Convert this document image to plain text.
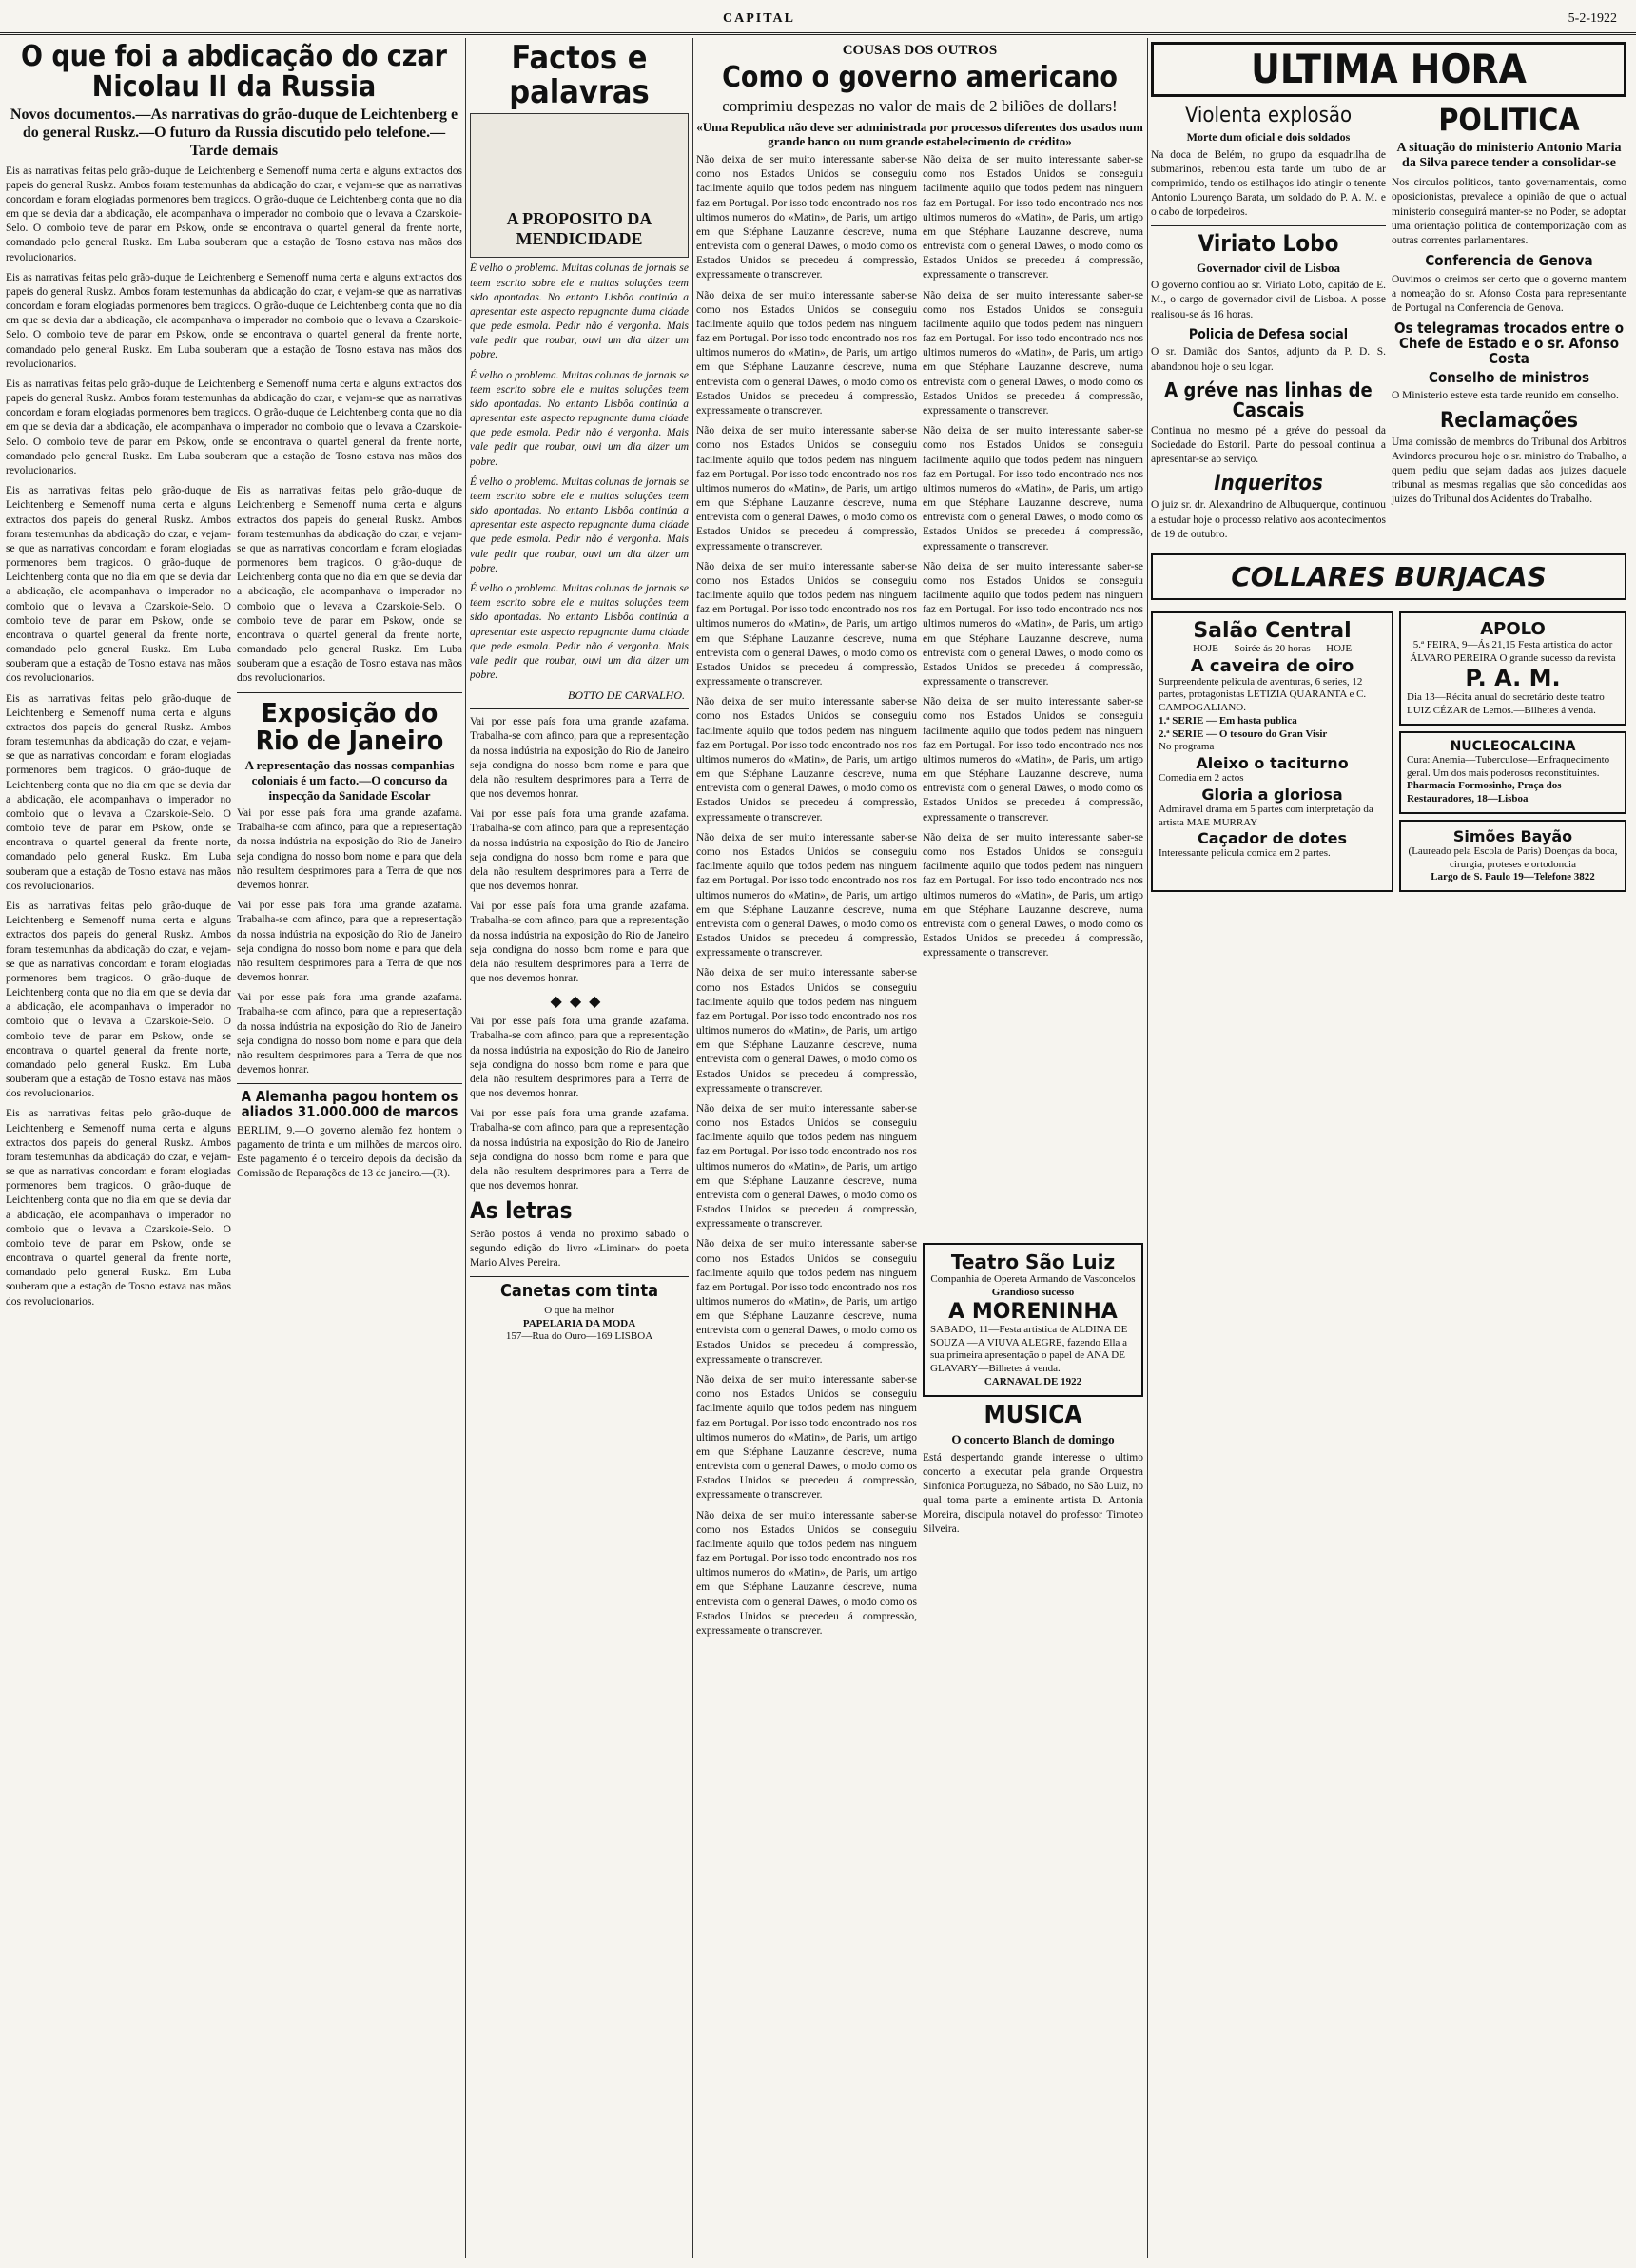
CAPITAL	5-2-1922
O que foi a abdicação do czar Nicolau II da Russia
Novos documentos.—As narrativas do grão-duque de Leichtenberg e do general Ruskz.—O futuro da Russia discutido pelo telefone.—Tarde demais

Eis as narrativas feitas pelo grão-duque de Leichtenberg e Semenoff numa certa e alguns extractos dos papeis do general Ruskz. Ambos foram testemunhas da abdicação do czar, e vejam-se que as narrativas concordam e foram elogiadas pormenores bem tragicos. O grão-duque de Leichtenberg conta que no dia em que se devia dar a abdicação, ele acompanhava o imperador no comboio que o levava a Czarskoie-Selo. O comboio teve de parar em Pskow, onde se encontrava o quartel general da frente norte, comandado pelo general Ruskz. Em Luba souberam que a estação de Tosno estava nas mãos dos revolucionarios.

Eis as narrativas feitas pelo grão-duque de Leichtenberg e Semenoff numa certa e alguns extractos dos papeis do general Ruskz. Ambos foram testemunhas da abdicação do czar, e vejam-se que as narrativas concordam e foram elogiadas pormenores bem tragicos. O grão-duque de Leichtenberg conta que no dia em que se devia dar a abdicação, ele acompanhava o imperador no comboio que o levava a Czarskoie-Selo. O comboio teve de parar em Pskow, onde se encontrava o quartel general da frente norte, comandado pelo general Ruskz. Em Luba souberam que a estação de Tosno estava nas mãos dos revolucionarios.

Eis as narrativas feitas pelo grão-duque de Leichtenberg e Semenoff numa certa e alguns extractos dos papeis do general Ruskz. Ambos foram testemunhas da abdicação do czar, e vejam-se que as narrativas concordam e foram elogiadas pormenores bem tragicos. O grão-duque de Leichtenberg conta que no dia em que se devia dar a abdicação, ele acompanhava o imperador no comboio que o levava a Czarskoie-Selo. O comboio teve de parar em Pskow, onde se encontrava o quartel general da frente norte, comandado pelo general Ruskz. Em Luba souberam que a estação de Tosno estava nas mãos dos revolucionarios.

Eis as narrativas feitas pelo grão-duque de Leichtenberg e Semenoff numa certa e alguns extractos dos papeis do general Ruskz. Ambos foram testemunhas da abdicação do czar, e vejam-se que as narrativas concordam e foram elogiadas pormenores bem tragicos. O grão-duque de Leichtenberg conta que no dia em que se devia dar a abdicação, ele acompanhava o imperador no comboio que o levava a Czarskoie-Selo. O comboio teve de parar em Pskow, onde se encontrava o quartel general da frente norte, comandado pelo general Ruskz. Em Luba souberam que a estação de Tosno estava nas mãos dos revolucionarios.

Eis as narrativas feitas pelo grão-duque de Leichtenberg e Semenoff numa certa e alguns extractos dos papeis do general Ruskz. Ambos foram testemunhas da abdicação do czar, e vejam-se que as narrativas concordam e foram elogiadas pormenores bem tragicos. O grão-duque de Leichtenberg conta que no dia em que se devia dar a abdicação, ele acompanhava o imperador no comboio que o levava a Czarskoie-Selo. O comboio teve de parar em Pskow, onde se encontrava o quartel general da frente norte, comandado pelo general Ruskz. Em Luba souberam que a estação de Tosno estava nas mãos dos revolucionarios.

Eis as narrativas feitas pelo grão-duque de Leichtenberg e Semenoff numa certa e alguns extractos dos papeis do general Ruskz. Ambos foram testemunhas da abdicação do czar, e vejam-se que as narrativas concordam e foram elogiadas pormenores bem tragicos. O grão-duque de Leichtenberg conta que no dia em que se devia dar a abdicação, ele acompanhava o imperador no comboio que o levava a Czarskoie-Selo. O comboio teve de parar em Pskow, onde se encontrava o quartel general da frente norte, comandado pelo general Ruskz. Em Luba souberam que a estação de Tosno estava nas mãos dos revolucionarios.

Eis as narrativas feitas pelo grão-duque de Leichtenberg e Semenoff numa certa e alguns extractos dos papeis do general Ruskz. Ambos foram testemunhas da abdicação do czar, e vejam-se que as narrativas concordam e foram elogiadas pormenores bem tragicos. O grão-duque de Leichtenberg conta que no dia em que se devia dar a abdicação, ele acompanhava o imperador no comboio que o levava a Czarskoie-Selo. O comboio teve de parar em Pskow, onde se encontrava o quartel general da frente norte, comandado pelo general Ruskz. Em Luba souberam que a estação de Tosno estava nas mãos dos revolucionarios.

Eis as narrativas feitas pelo grão-duque de Leichtenberg e Semenoff numa certa e alguns extractos dos papeis do general Ruskz. Ambos foram testemunhas da abdicação do czar, e vejam-se que as narrativas concordam e foram elogiadas pormenores bem tragicos. O grão-duque de Leichtenberg conta que no dia em que se devia dar a abdicação, ele acompanhava o imperador no comboio que o levava a Czarskoie-Selo. O comboio teve de parar em Pskow, onde se encontrava o quartel general da frente norte, comandado pelo general Ruskz. Em Luba souberam que a estação de Tosno estava nas mãos dos revolucionarios.

Exposição do Rio de Janeiro
A representação das nossas companhias coloniais é um facto.—O concurso da inspecção da Sanidade Escolar

Vai por esse país fora uma grande azafama. Trabalha-se com afinco, para que a representação da nossa indústria na exposição do Rio de Janeiro seja condigna do nosso bom nome e para que dela não resultem desprimores para a Terra de que nos devemos honrar.

Vai por esse país fora uma grande azafama. Trabalha-se com afinco, para que a representação da nossa indústria na exposição do Rio de Janeiro seja condigna do nosso bom nome e para que dela não resultem desprimores para a Terra de que nos devemos honrar.

Vai por esse país fora uma grande azafama. Trabalha-se com afinco, para que a representação da nossa indústria na exposição do Rio de Janeiro seja condigna do nosso bom nome e para que dela não resultem desprimores para a Terra de que nos devemos honrar.

A Alemanha pagou hontem os aliados 31.000.000 de marcos

BERLIM, 9.—O governo alemão fez hontem o pagamento de trinta e um milhões de marcos oiro. Este pagamento é o terceiro depois da decisão da Comissão de Reparações de 13 de janeiro.—(R).

Factos e palavras
A PROPOSITO DA MENDICIDADE

É velho o problema. Muitas colunas de jornais se teem escrito sobre ele e muitas soluções teem sido apontadas. No entanto Lisbôa continúa a apresentar este aspecto repugnante duma cidade que pede esmola. Pedir não é vergonha. Mais vale pedir que roubar, ouvi um dia dizer um pobre.

É velho o problema. Muitas colunas de jornais se teem escrito sobre ele e muitas soluções teem sido apontadas. No entanto Lisbôa continúa a apresentar este aspecto repugnante duma cidade que pede esmola. Pedir não é vergonha. Mais vale pedir que roubar, ouvi um dia dizer um pobre.

É velho o problema. Muitas colunas de jornais se teem escrito sobre ele e muitas soluções teem sido apontadas. No entanto Lisbôa continúa a apresentar este aspecto repugnante duma cidade que pede esmola. Pedir não é vergonha. Mais vale pedir que roubar, ouvi um dia dizer um pobre.

É velho o problema. Muitas colunas de jornais se teem escrito sobre ele e muitas soluções teem sido apontadas. No entanto Lisbôa continúa a apresentar este aspecto repugnante duma cidade que pede esmola. Pedir não é vergonha. Mais vale pedir que roubar, ouvi um dia dizer um pobre.

BOTTO DE CARVALHO.

Vai por esse país fora uma grande azafama. Trabalha-se com afinco, para que a representação da nossa indústria na exposição do Rio de Janeiro seja condigna do nosso bom nome e para que dela não resultem desprimores para a Terra de que nos devemos honrar.

Vai por esse país fora uma grande azafama. Trabalha-se com afinco, para que a representação da nossa indústria na exposição do Rio de Janeiro seja condigna do nosso bom nome e para que dela não resultem desprimores para a Terra de que nos devemos honrar.

Vai por esse país fora uma grande azafama. Trabalha-se com afinco, para que a representação da nossa indústria na exposição do Rio de Janeiro seja condigna do nosso bom nome e para que dela não resultem desprimores para a Terra de que nos devemos honrar.

◆◆◆

Vai por esse país fora uma grande azafama. Trabalha-se com afinco, para que a representação da nossa indústria na exposição do Rio de Janeiro seja condigna do nosso bom nome e para que dela não resultem desprimores para a Terra de que nos devemos honrar.

Vai por esse país fora uma grande azafama. Trabalha-se com afinco, para que a representação da nossa indústria na exposição do Rio de Janeiro seja condigna do nosso bom nome e para que dela não resultem desprimores para a Terra de que nos devemos honrar.

As letras

Serão postos á venda no proximo sabado o segundo edição do livro «Liminar» do poeta Mario Alves Pereira.

Canetas com tinta
O que ha melhor
PAPELARIA DA MODA
157—Rua do Ouro—169 LISBOA
COUSAS DOS OUTROS
Como o governo americano
comprimiu despezas no valor de mais de 2 biliões de dollars!
«Uma Republica não deve ser administrada por processos diferentes dos usados num grande banco ou num grande estabelecimento de crédito»

Não deixa de ser muito interessante saber-se como nos Estados Unidos se conseguiu facilmente aquilo que todos pedem nas ninguem faz em Portugal. Por isso todo encontrado nos nos ultimos numeros do «Matin», de Paris, um artigo em que Stéphane Lauzanne descreve, numa entrevista com o general Dawes, o modo como os Estados Unidos se precedeu á compressão, expressamente o transcrever.

Não deixa de ser muito interessante saber-se como nos Estados Unidos se conseguiu facilmente aquilo que todos pedem nas ninguem faz em Portugal. Por isso todo encontrado nos nos ultimos numeros do «Matin», de Paris, um artigo em que Stéphane Lauzanne descreve, numa entrevista com o general Dawes, o modo como os Estados Unidos se precedeu á compressão, expressamente o transcrever.

Não deixa de ser muito interessante saber-se como nos Estados Unidos se conseguiu facilmente aquilo que todos pedem nas ninguem faz em Portugal. Por isso todo encontrado nos nos ultimos numeros do «Matin», de Paris, um artigo em que Stéphane Lauzanne descreve, numa entrevista com o general Dawes, o modo como os Estados Unidos se precedeu á compressão, expressamente o transcrever.

Não deixa de ser muito interessante saber-se como nos Estados Unidos se conseguiu facilmente aquilo que todos pedem nas ninguem faz em Portugal. Por isso todo encontrado nos nos ultimos numeros do «Matin», de Paris, um artigo em que Stéphane Lauzanne descreve, numa entrevista com o general Dawes, o modo como os Estados Unidos se precedeu á compressão, expressamente o transcrever.

Não deixa de ser muito interessante saber-se como nos Estados Unidos se conseguiu facilmente aquilo que todos pedem nas ninguem faz em Portugal. Por isso todo encontrado nos nos ultimos numeros do «Matin», de Paris, um artigo em que Stéphane Lauzanne descreve, numa entrevista com o general Dawes, o modo como os Estados Unidos se precedeu á compressão, expressamente o transcrever.

Não deixa de ser muito interessante saber-se como nos Estados Unidos se conseguiu facilmente aquilo que todos pedem nas ninguem faz em Portugal. Por isso todo encontrado nos nos ultimos numeros do «Matin», de Paris, um artigo em que Stéphane Lauzanne descreve, numa entrevista com o general Dawes, o modo como os Estados Unidos se precedeu á compressão, expressamente o transcrever.

Não deixa de ser muito interessante saber-se como nos Estados Unidos se conseguiu facilmente aquilo que todos pedem nas ninguem faz em Portugal. Por isso todo encontrado nos nos ultimos numeros do «Matin», de Paris, um artigo em que Stéphane Lauzanne descreve, numa entrevista com o general Dawes, o modo como os Estados Unidos se precedeu á compressão, expressamente o transcrever.

Não deixa de ser muito interessante saber-se como nos Estados Unidos se conseguiu facilmente aquilo que todos pedem nas ninguem faz em Portugal. Por isso todo encontrado nos nos ultimos numeros do «Matin», de Paris, um artigo em que Stéphane Lauzanne descreve, numa entrevista com o general Dawes, o modo como os Estados Unidos se precedeu á compressão, expressamente o transcrever.

Não deixa de ser muito interessante saber-se como nos Estados Unidos se conseguiu facilmente aquilo que todos pedem nas ninguem faz em Portugal. Por isso todo encontrado nos nos ultimos numeros do «Matin», de Paris, um artigo em que Stéphane Lauzanne descreve, numa entrevista com o general Dawes, o modo como os Estados Unidos se precedeu á compressão, expressamente o transcrever.

Não deixa de ser muito interessante saber-se como nos Estados Unidos se conseguiu facilmente aquilo que todos pedem nas ninguem faz em Portugal. Por isso todo encontrado nos nos ultimos numeros do «Matin», de Paris, um artigo em que Stéphane Lauzanne descreve, numa entrevista com o general Dawes, o modo como os Estados Unidos se precedeu á compressão, expressamente o transcrever.

Não deixa de ser muito interessante saber-se como nos Estados Unidos se conseguiu facilmente aquilo que todos pedem nas ninguem faz em Portugal. Por isso todo encontrado nos nos ultimos numeros do «Matin», de Paris, um artigo em que Stéphane Lauzanne descreve, numa entrevista com o general Dawes, o modo como os Estados Unidos se precedeu á compressão, expressamente o transcrever.

Não deixa de ser muito interessante saber-se como nos Estados Unidos se conseguiu facilmente aquilo que todos pedem nas ninguem faz em Portugal. Por isso todo encontrado nos nos ultimos numeros do «Matin», de Paris, um artigo em que Stéphane Lauzanne descreve, numa entrevista com o general Dawes, o modo como os Estados Unidos se precedeu á compressão, expressamente o transcrever.

Não deixa de ser muito interessante saber-se como nos Estados Unidos se conseguiu facilmente aquilo que todos pedem nas ninguem faz em Portugal. Por isso todo encontrado nos nos ultimos numeros do «Matin», de Paris, um artigo em que Stéphane Lauzanne descreve, numa entrevista com o general Dawes, o modo como os Estados Unidos se precedeu á compressão, expressamente o transcrever.

Não deixa de ser muito interessante saber-se como nos Estados Unidos se conseguiu facilmente aquilo que todos pedem nas ninguem faz em Portugal. Por isso todo encontrado nos nos ultimos numeros do «Matin», de Paris, um artigo em que Stéphane Lauzanne descreve, numa entrevista com o general Dawes, o modo como os Estados Unidos se precedeu á compressão, expressamente o transcrever.

Não deixa de ser muito interessante saber-se como nos Estados Unidos se conseguiu facilmente aquilo que todos pedem nas ninguem faz em Portugal. Por isso todo encontrado nos nos ultimos numeros do «Matin», de Paris, um artigo em que Stéphane Lauzanne descreve, numa entrevista com o general Dawes, o modo como os Estados Unidos se precedeu á compressão, expressamente o transcrever.

Não deixa de ser muito interessante saber-se como nos Estados Unidos se conseguiu facilmente aquilo que todos pedem nas ninguem faz em Portugal. Por isso todo encontrado nos nos ultimos numeros do «Matin», de Paris, um artigo em que Stéphane Lauzanne descreve, numa entrevista com o general Dawes, o modo como os Estados Unidos se precedeu á compressão, expressamente o transcrever.

Não deixa de ser muito interessante saber-se como nos Estados Unidos se conseguiu facilmente aquilo que todos pedem nas ninguem faz em Portugal. Por isso todo encontrado nos nos ultimos numeros do «Matin», de Paris, um artigo em que Stéphane Lauzanne descreve, numa entrevista com o general Dawes, o modo como os Estados Unidos se precedeu á compressão, expressamente o transcrever.

Teatro São Luiz
Companhia de Opereta Armando de Vasconcelos
Grandioso sucesso
A MORENINHA
SABADO, 11—Festa artistica de ALDINA DE SOUZA —A VIUVA ALEGRE, fazendo Ella a sua primeira apresentação o papel de ANA DE GLAVARY—Bilhetes á venda.
CARNAVAL DE 1922
MUSICA
O concerto Blanch de domingo

Está despertando grande interesse o ultimo concerto a executar pela grande Orquestra Sinfonica Portugueza, no Sábado, no São Luiz, no qual toma parte a eminente artista D. Antonia Moreira, discipula notavel do professor Timoteo Silveira.

ULTIMA HORA
Violenta explosão
Morte dum oficial e dois soldados

Na doca de Belém, no grupo da esquadrilha de submarinos, rebentou esta tarde um tubo de ar comprimido, tendo os estilhaços ido atingir o tenente Antonio Lourenço Barata, um soldado do P. A. M. e o cabo de torpedeiros.

Viriato Lobo
Governador civil de Lisboa

O governo confiou ao sr. Viriato Lobo, capitão de E. M., o cargo de governador civil de Lisboa. A posse realisou-se ás 16 horas.

Policia de Defesa social

O sr. Damião dos Santos, adjunto da P. D. S. abandonou hoje o seu logar.

A gréve nas linhas de Cascais

Continua no mesmo pé a gréve do pessoal da Sociedade do Estoril. Parte do pessoal continua a apresentar-se ao serviço.

Inqueritos

O juiz sr. dr. Alexandrino de Albuquerque, continuou a estudar hoje o processo relativo aos acontecimentos de 19 de outubro.

POLITICA
A situação do ministerio Antonio Maria da Silva parece tender a consolidar-se

Nos circulos politicos, tanto governamentais, como oposicionistas, prevalece a opinião de que o actual ministerio conseguirá manter-se no Poder, se adoptar uma orientação politica de contemporização com as outras correntes parlamentares.

Conferencia de Genova

Ouvimos o creimos ser certo que o governo mantem a nomeação do sr. Afonso Costa para representante de Portugal na Conferencia de Genova.

Os telegramas trocados entre o Chefe de Estado e o sr. Afonso Costa
Conselho de ministros

O Ministerio esteve esta tarde reunido em conselho.

Reclamações

Uma comissão de membros do Tribunal dos Arbitros Avindores procurou hoje o sr. ministro do Trabalho, a quem pediu que sejam dadas aos juizes daquele tribunal as mesmas regalias que são concedidas aos juizes do Tribunal dos Acidentes do Trabalho.

COLLARES BURJACAS
Salão Central
HOJE — Soirée ás 20 horas — HOJE
A caveira de oiro
Surpreendente pelicula de aventuras, 6 series, 12 partes, protagonistas LETIZIA QUARANTA e C. CAMPOGALIANO.
1.ª SERIE — Em hasta publica
2.ª SERIE — O tesouro do Gran Visir
No programa
Aleixo o taciturno
Comedia em 2 actos
Gloria a gloriosa
Admiravel drama em 5 partes com interpretação da artista MAE MURRAY
Caçador de dotes
Interessante pelicula comica em 2 partes.
APOLO
5.ª FEIRA, 9—Ás 21,15 Festa artistica do actor ÁLVARO PEREIRA O grande sucesso da revista
P. A. M.
Dia 13—Récita anual do secretário deste teatro LUIZ CÉZAR de Lemos.—Bilhetes á venda.
NUCLEOCALCINA
Cura: Anemia—Tuberculose—Enfraquecimento geral. Um dos mais poderosos reconstituintes.
Pharmacia Formosinho, Praça dos Restauradores, 18—Lisboa
Simões Bayão
(Laureado pela Escola de Paris) Doenças da boca, cirurgia, proteses e ortodoncia
Largo de S. Paulo 19—Telefone 3822
